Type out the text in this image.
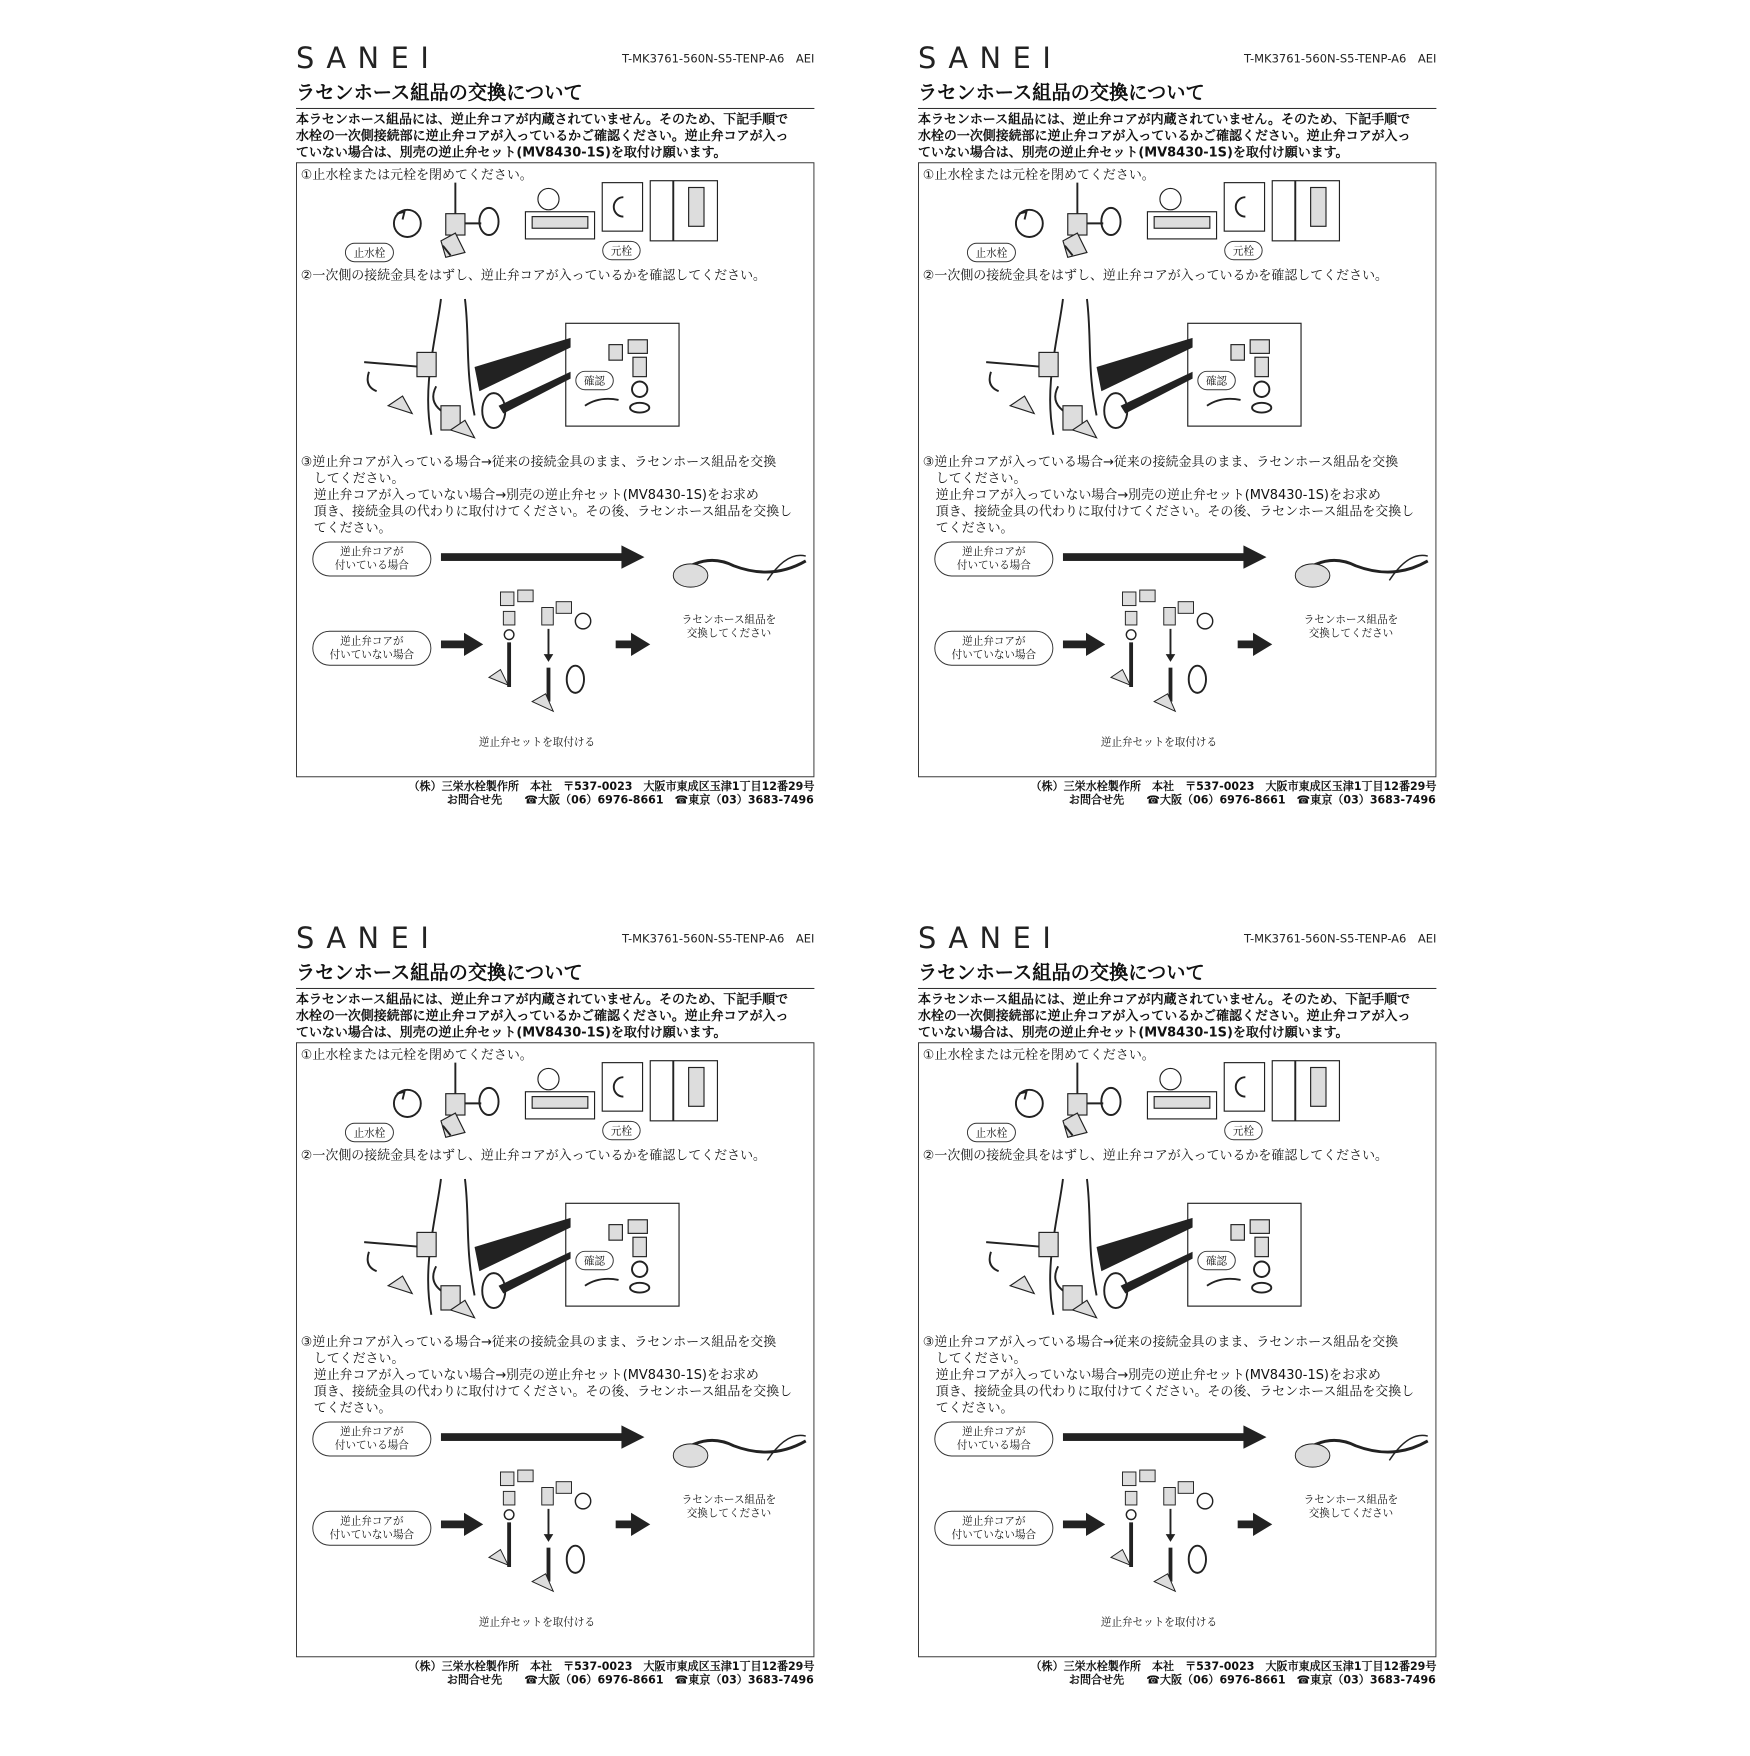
SANEI	T-MK3761-560N-S5-TENP-A6　AEI
ラセンホース組品の交換について
本ラセンホース組品には、逆止弁コアが内蔵されていません。そのため、下記手順で
水栓の一次側接続部に逆止弁コアが入っているかご確認ください。逆止弁コアが入っ
ていない場合は、別売の逆止弁セット(MV8430-1S)を取付け願います。
①止水栓または元栓を閉めてください。
止水栓	元栓
②一次側の接続金具をはずし、逆止弁コアが入っているかを確認してください。
確認
③逆止弁コアが入っている場合→従来の接続金具のまま、ラセンホース組品を交換
　してください。
　逆止弁コアが入っていない場合→別売の逆止弁セット(MV8430-1S)をお求め
　頂き、接続金具の代わりに取付けてください。その後、ラセンホース組品を交換し
　てください。
逆止弁コアが
付いている場合
逆止弁コアが
付いていない場合
ラセンホース組品を
交換してください
逆止弁セットを取付ける
（株）三栄水栓製作所　本社　〒537-0023　大阪市東成区玉津1丁目12番29号
お問合せ先　　☎大阪（06）6976-8661　☎東京（03）3683-7496
SANEI	T-MK3761-560N-S5-TENP-A6　AEI
ラセンホース組品の交換について
本ラセンホース組品には、逆止弁コアが内蔵されていません。そのため、下記手順で
水栓の一次側接続部に逆止弁コアが入っているかご確認ください。逆止弁コアが入っ
ていない場合は、別売の逆止弁セット(MV8430-1S)を取付け願います。
①止水栓または元栓を閉めてください。
止水栓	元栓
②一次側の接続金具をはずし、逆止弁コアが入っているかを確認してください。
確認
③逆止弁コアが入っている場合→従来の接続金具のまま、ラセンホース組品を交換
　してください。
　逆止弁コアが入っていない場合→別売の逆止弁セット(MV8430-1S)をお求め
　頂き、接続金具の代わりに取付けてください。その後、ラセンホース組品を交換し
　てください。
逆止弁コアが
付いている場合
逆止弁コアが
付いていない場合
ラセンホース組品を
交換してください
逆止弁セットを取付ける
（株）三栄水栓製作所　本社　〒537-0023　大阪市東成区玉津1丁目12番29号
お問合せ先　　☎大阪（06）6976-8661　☎東京（03）3683-7496
SANEI	T-MK3761-560N-S5-TENP-A6　AEI
ラセンホース組品の交換について
本ラセンホース組品には、逆止弁コアが内蔵されていません。そのため、下記手順で
水栓の一次側接続部に逆止弁コアが入っているかご確認ください。逆止弁コアが入っ
ていない場合は、別売の逆止弁セット(MV8430-1S)を取付け願います。
①止水栓または元栓を閉めてください。
止水栓	元栓
②一次側の接続金具をはずし、逆止弁コアが入っているかを確認してください。
確認
③逆止弁コアが入っている場合→従来の接続金具のまま、ラセンホース組品を交換
　してください。
　逆止弁コアが入っていない場合→別売の逆止弁セット(MV8430-1S)をお求め
　頂き、接続金具の代わりに取付けてください。その後、ラセンホース組品を交換し
　てください。
逆止弁コアが
付いている場合
逆止弁コアが
付いていない場合
ラセンホース組品を
交換してください
逆止弁セットを取付ける
（株）三栄水栓製作所　本社　〒537-0023　大阪市東成区玉津1丁目12番29号
お問合せ先　　☎大阪（06）6976-8661　☎東京（03）3683-7496
SANEI	T-MK3761-560N-S5-TENP-A6　AEI
ラセンホース組品の交換について
本ラセンホース組品には、逆止弁コアが内蔵されていません。そのため、下記手順で
水栓の一次側接続部に逆止弁コアが入っているかご確認ください。逆止弁コアが入っ
ていない場合は、別売の逆止弁セット(MV8430-1S)を取付け願います。
①止水栓または元栓を閉めてください。
止水栓	元栓
②一次側の接続金具をはずし、逆止弁コアが入っているかを確認してください。
確認
③逆止弁コアが入っている場合→従来の接続金具のまま、ラセンホース組品を交換
　してください。
　逆止弁コアが入っていない場合→別売の逆止弁セット(MV8430-1S)をお求め
　頂き、接続金具の代わりに取付けてください。その後、ラセンホース組品を交換し
　てください。
逆止弁コアが
付いている場合
逆止弁コアが
付いていない場合
ラセンホース組品を
交換してください
逆止弁セットを取付ける
（株）三栄水栓製作所　本社　〒537-0023　大阪市東成区玉津1丁目12番29号
お問合せ先　　☎大阪（06）6976-8661　☎東京（03）3683-7496
